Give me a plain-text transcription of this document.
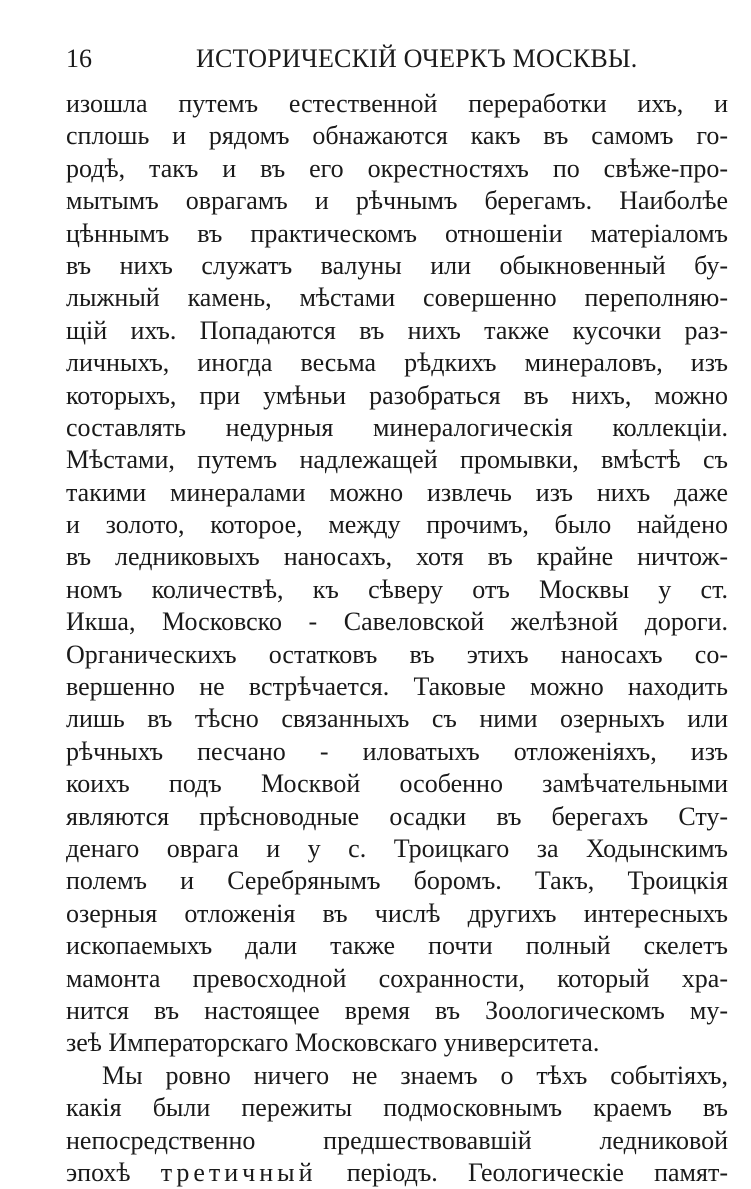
16	ИСТОРИЧЕСКІЙ ОЧЕРКЪ МОСКВЫ.
изошла путемъ естественной переработки ихъ, и
сплошь и рядомъ обнажаются какъ въ самомъ го-
родѣ, такъ и въ его окрестностяхъ по свѣже-про-
мытымъ оврагамъ и рѣчнымъ берегамъ. Наиболѣе
цѣннымъ въ практическомъ отношеніи матеріаломъ
въ нихъ служатъ валуны или обыкновенный бу-
лыжный камень, мѣстами совершенно переполняю-
щій ихъ. Попадаются въ нихъ также кусочки раз-
личныхъ, иногда весьма рѣдкихъ минераловъ, изъ
которыхъ, при умѣньи разобраться въ нихъ, можно
составлять недурныя минералогическія коллекціи.
Мѣстами, путемъ надлежащей промывки, вмѣстѣ съ
такими минералами можно извлечь изъ нихъ даже
и золото, которое, между прочимъ, было найдено
въ ледниковыхъ наносахъ, хотя въ крайне ничтож-
номъ количествѣ, къ сѣверу отъ Москвы у ст.
Икша, Московско - Савеловской желѣзной дороги.
Органическихъ остатковъ въ этихъ наносахъ со-
вершенно не встрѣчается. Таковые можно находить
лишь въ тѣсно связанныхъ съ ними озерныхъ или
рѣчныхъ песчано - иловатыхъ отложеніяхъ, изъ
коихъ подъ Москвой особенно замѣчательными
являются прѣсноводные осадки въ берегахъ Сту-
денаго оврага и у с. Троицкаго за Ходынскимъ
полемъ и Серебрянымъ боромъ. Такъ, Троицкія
озерныя отложенія въ числѣ другихъ интересныхъ
ископаемыхъ дали также почти полный скелетъ
мамонта превосходной сохранности, который хра-
нится въ настоящее время въ Зоологическомъ му-
зеѣ Императорскаго Московскаго университета.
Мы ровно ничего не знаемъ о тѣхъ событіяхъ,
какія были пережиты подмосковнымъ краемъ въ
непосредственно предшествовавшій ледниковой
эпохѣ третичный періодъ. Геологическіе памят-
